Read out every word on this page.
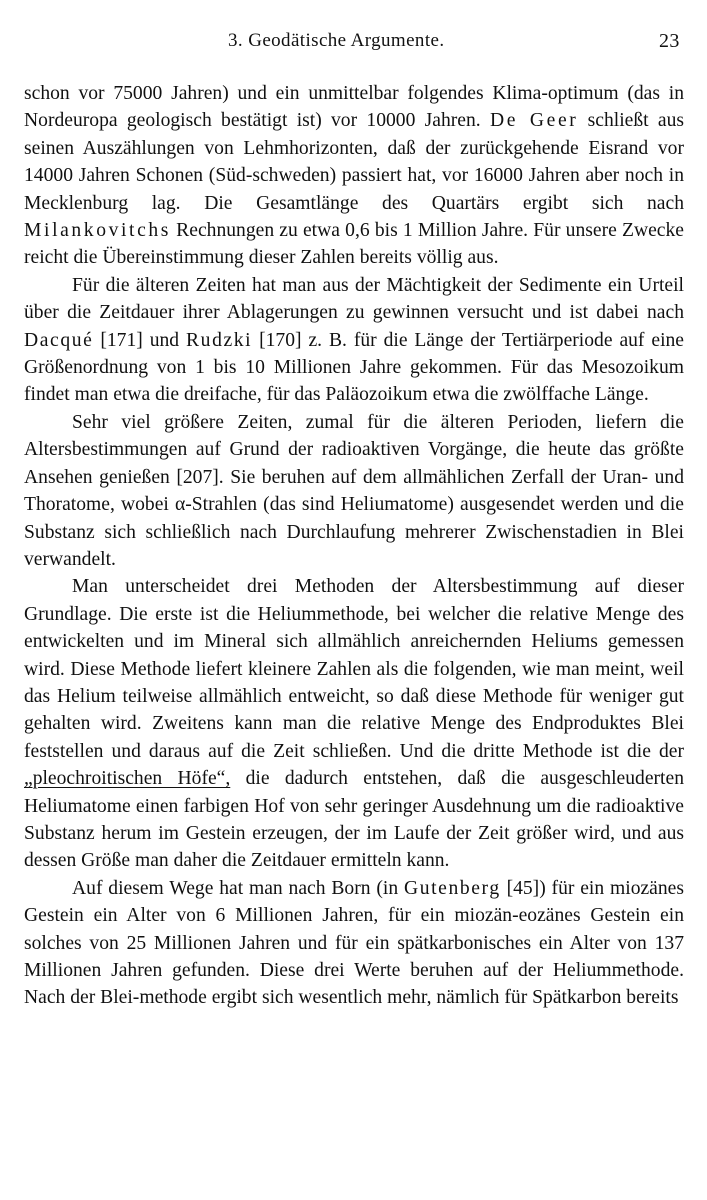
3. Geodätische Argumente.	23

schon vor 75000 Jahren) und ein unmittelbar folgendes Klima-optimum (das in Nordeuropa geologisch bestätigt ist) vor 10000 Jahren. De Geer schließt aus seinen Auszählungen von Lehmhorizonten, daß der zurückgehende Eisrand vor 14000 Jahren Schonen (Süd-schweden) passiert hat, vor 16000 Jahren aber noch in Mecklenburg lag. Die Gesamtlänge des Quartärs ergibt sich nach Milankovitchs Rechnungen zu etwa 0,6 bis 1 Million Jahre. Für unsere Zwecke reicht die Übereinstimmung dieser Zahlen bereits völlig aus.

Für die älteren Zeiten hat man aus der Mächtigkeit der Sedimente ein Urteil über die Zeitdauer ihrer Ablagerungen zu gewinnen versucht und ist dabei nach Dacqué [171] und Rudzki [170] z. B. für die Länge der Tertiärperiode auf eine Größenordnung von 1 bis 10 Millionen Jahre gekommen. Für das Mesozoikum findet man etwa die dreifache, für das Paläozoikum etwa die zwölffache Länge.

Sehr viel größere Zeiten, zumal für die älteren Perioden, liefern die Altersbestimmungen auf Grund der radioaktiven Vorgänge, die heute das größte Ansehen genießen [207]. Sie beruhen auf dem allmählichen Zerfall der Uran- und Thoratome, wobei α-Strahlen (das sind Heliumatome) ausgesendet werden und die Substanz sich schließlich nach Durchlaufung mehrerer Zwischenstadien in Blei verwandelt.

Man unterscheidet drei Methoden der Altersbestimmung auf dieser Grundlage. Die erste ist die Heliummethode, bei welcher die relative Menge des entwickelten und im Mineral sich allmählich anreichernden Heliums gemessen wird. Diese Methode liefert kleinere Zahlen als die folgenden, wie man meint, weil das Helium teilweise allmählich entweicht, so daß diese Methode für weniger gut gehalten wird. Zweitens kann man die relative Menge des Endproduktes Blei feststellen und daraus auf die Zeit schließen. Und die dritte Methode ist die der „pleochroitischen Höfe“, die dadurch entstehen, daß die ausgeschleuderten Heliumatome einen farbigen Hof von sehr geringer Ausdehnung um die radioaktive Substanz herum im Gestein erzeugen, der im Laufe der Zeit größer wird, und aus dessen Größe man daher die Zeitdauer ermitteln kann.

Auf diesem Wege hat man nach Born (in Gutenberg [45]) für ein miozänes Gestein ein Alter von 6 Millionen Jahren, für ein miozän-eozänes Gestein ein solches von 25 Millionen Jahren und für ein spätkarbonisches ein Alter von 137 Millionen Jahren gefunden. Diese drei Werte beruhen auf der Heliummethode. Nach der Blei-methode ergibt sich wesentlich mehr, nämlich für Spätkarbon bereits
